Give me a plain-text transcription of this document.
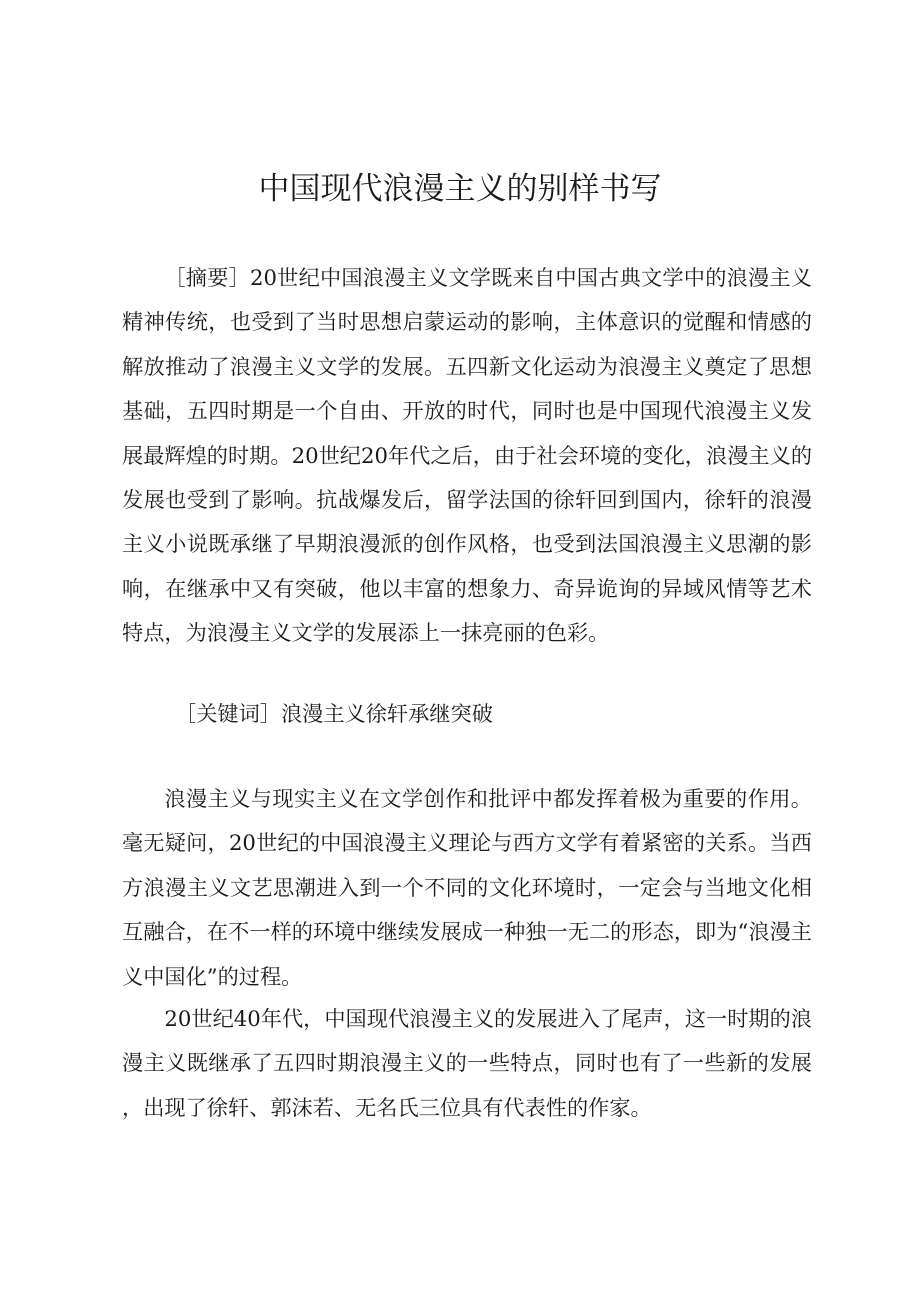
中国现代浪漫主义的别样书写

［摘要］20世纪中国浪漫主义文学既来自中国古典文学中的浪漫主义精神传统，也受到了当时思想启蒙运动的影响，主体意识的觉醒和情感的解放推动了浪漫主义文学的发展。五四新文化运动为浪漫主义奠定了思想基础，五四时期是一个自由、开放的时代，同时也是中国现代浪漫主义发展最辉煌的时期。20世纪20年代之后，由于社会环境的变化，浪漫主义的发展也受到了影响。抗战爆发后，留学法国的徐轩回到国内，徐轩的浪漫主义小说既承继了早期浪漫派的创作风格，也受到法国浪漫主义思潮的影响，在继承中又有突破，他以丰富的想象力、奇异诡询的异域风情等艺术特点，为浪漫主义文学的发展添上一抹亮丽的色彩。

［关键词］浪漫主义徐轩承继突破

浪漫主义与现实主义在文学创作和批评中都发挥着极为重要的作用。毫无疑问，20世纪的中国浪漫主义理论与西方文学有着紧密的关系。当西方浪漫主义文艺思潮进入到一个不同的文化环境时，一定会与当地文化相互融合，在不一样的环境中继续发展成一种独一无二的形态，即为“浪漫主义中国化”的过程。

20世纪40年代，中国现代浪漫主义的发展进入了尾声，这一时期的浪漫主义既继承了五四时期浪漫主义的一些特点，同时也有了一些新的发展，出现了徐轩、郭沫若、无名氏三位具有代表性的作家。
